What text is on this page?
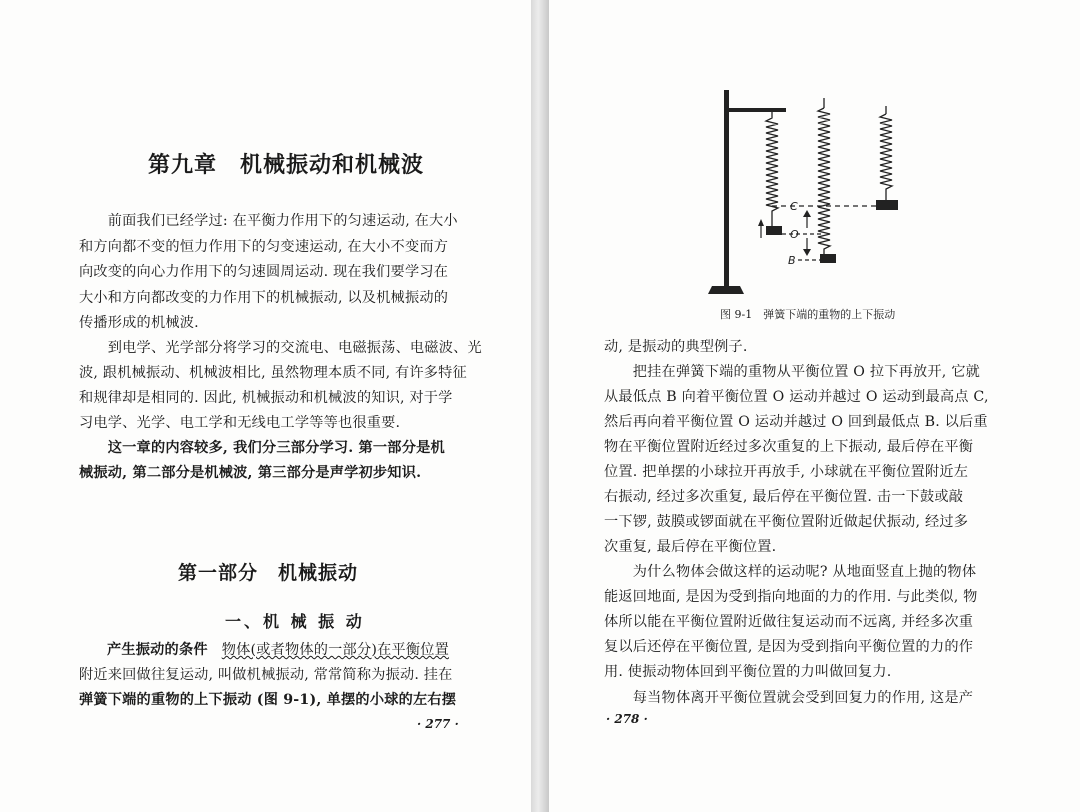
第九章　机械振动和机械波
　　前面我们已经学过: 在平衡力作用下的匀速运动, 在大小
和方向都不变的恒力作用下的匀变速运动, 在大小不变而方
向改变的向心力作用下的匀速圆周运动. 现在我们要学习在
大小和方向都改变的力作用下的机械振动, 以及机械振动的
传播形成的机械波.
　　到电学、光学部分将学习的交流电、电磁振荡、电磁波、光
波, 跟机械振动、机械波相比, 虽然物理本质不同, 有许多特征
和规律却是相同的. 因此, 机械振动和机械波的知识, 对于学
习电学、光学、电工学和无线电工学等等也很重要.
　　这一章的内容较多, 我们分三部分学习. 第一部分是机
械振动, 第二部分是机械波, 第三部分是声学初步知识.
第一部分　机械振动
一、机 械 振 动
产生振动的条件 物体(或者物体的一部分)在平衡位置
附近来回做往复运动, 叫做机械振动, 常常简称为振动. 挂在
弹簧下端的重物的上下振动 (图 9-1), 单摆的小球的左右摆
· 277 ·
C
O
B
图 9-1　弹簧下端的重物的上下振动
动, 是振动的典型例子.
　　把挂在弹簧下端的重物从平衡位置 O 拉下再放开, 它就
从最低点 B 向着平衡位置 O 运动并越过 O 运动到最高点 C,
然后再向着平衡位置 O 运动并越过 O 回到最低点 B. 以后重
物在平衡位置附近经过多次重复的上下振动, 最后停在平衡
位置. 把单摆的小球拉开再放手, 小球就在平衡位置附近左
右振动, 经过多次重复, 最后停在平衡位置. 击一下鼓或敲
一下锣, 鼓膜或锣面就在平衡位置附近做起伏振动, 经过多
次重复, 最后停在平衡位置.
　　为什么物体会做这样的运动呢? 从地面竖直上抛的物体
能返回地面, 是因为受到指向地面的力的作用. 与此类似, 物
体所以能在平衡位置附近做往复运动而不远离, 并经多次重
复以后还停在平衡位置, 是因为受到指向平衡位置的力的作
用. 使振动物体回到平衡位置的力叫做回复力.
　　每当物体离开平衡位置就会受到回复力的作用, 这是产
· 278 ·
